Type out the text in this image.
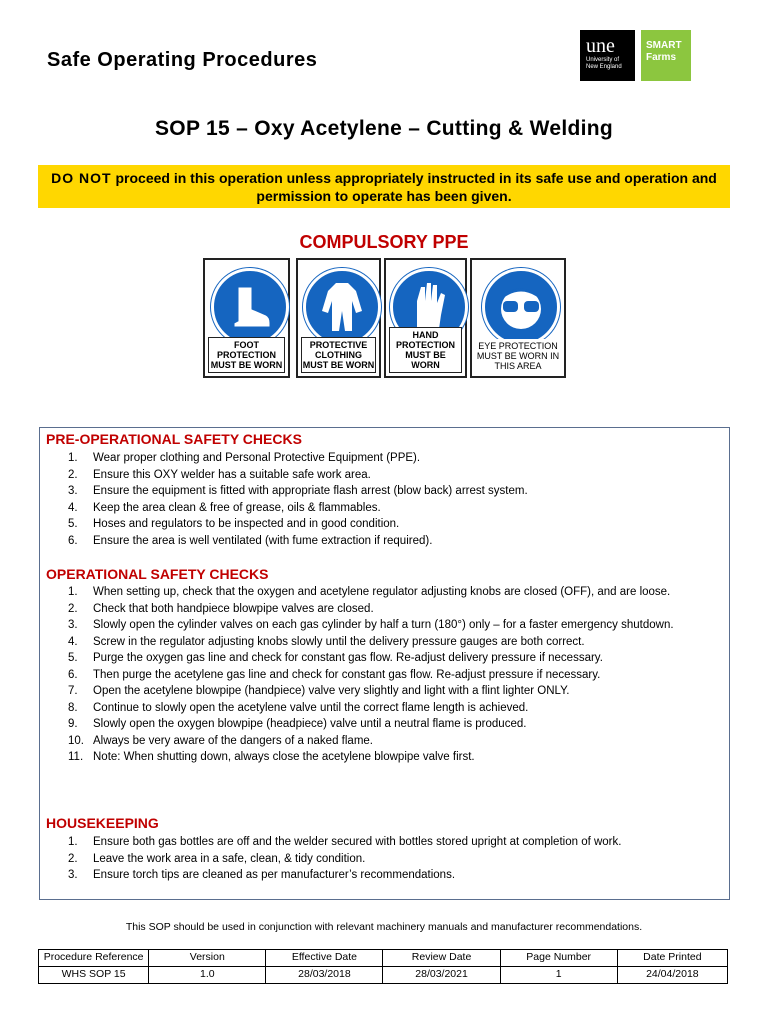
Safe Operating Procedures
une
University of New England
SMART
Farms
SOP 15 – Oxy Acetylene – Cutting & Welding
DO NOT proceed in this operation unless appropriately instructed in its safe use and operation and permission to operate has been given.
COMPULSORY PPE
FOOT PROTECTION MUST BE WORN
PROTECTIVE CLOTHING MUST BE WORN
HAND PROTECTION MUST BE WORN
EYE PROTECTION MUST BE WORN IN THIS AREA
PRE-OPERATIONAL SAFETY CHECKS
1.	Wear proper clothing and Personal Protective Equipment (PPE).
2.	Ensure this OXY welder has a suitable safe work area.
3.	Ensure the equipment is fitted with appropriate flash arrest (blow back) arrest system.
4.	Keep the area clean & free of grease, oils & flammables.
5.	Hoses and regulators to be inspected and in good condition.
6.	Ensure the area is well ventilated (with fume extraction if required).
OPERATIONAL SAFETY CHECKS
1.	When setting up, check that the oxygen and acetylene regulator adjusting knobs are closed (OFF), and are loose.
2.	Check that both handpiece blowpipe valves are closed.
3.	Slowly open the cylinder valves on each gas cylinder by half a turn (180°) only – for a faster emergency shutdown.
4.	Screw in the regulator adjusting knobs slowly until the delivery pressure gauges are both correct.
5.	Purge the oxygen gas line and check for constant gas flow. Re-adjust delivery pressure if necessary.
6.	Then purge the acetylene gas line and check for constant gas flow. Re-adjust pressure if necessary.
7.	Open the acetylene blowpipe (handpiece) valve very slightly and light with a flint lighter ONLY.
8.	Continue to slowly open the acetylene valve until the correct flame length is achieved.
9.	Slowly open the oxygen blowpipe (headpiece) valve until a neutral flame is produced.
10. Always be very aware of the dangers of a naked flame.
11. Note: When shutting down, always close the acetylene blowpipe valve first.
HOUSEKEEPING
1.	Ensure both gas bottles are off and the welder secured with bottles stored upright at completion of work.
2.	Leave the work area in a safe, clean, & tidy condition.
3.	Ensure torch tips are cleaned as per manufacturer’s recommendations.
This SOP should be used in conjunction with relevant machinery manuals and manufacturer recommendations.
Procedure Reference	Version	Effective Date	Review Date	Page Number	Date Printed
WHS SOP 15	1.0	28/03/2018	28/03/2021	1	24/04/2018
